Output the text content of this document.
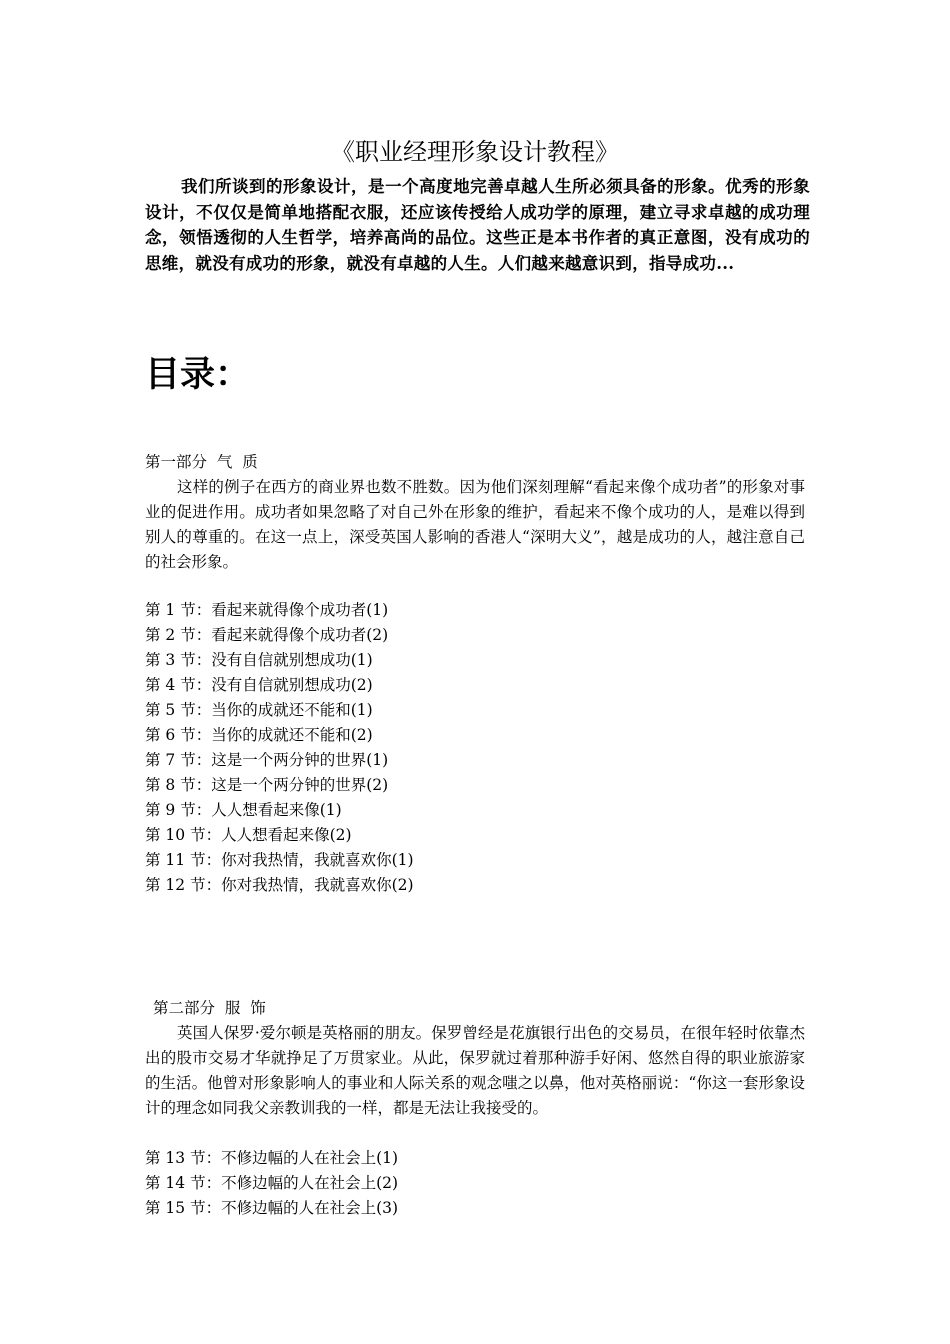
《职业经理形象设计教程》

我们所谈到的形象设计，是一个高度地完善卓越人生所必须具备的形象。优秀的形象设计，不仅仅是简单地搭配衣服，还应该传授给人成功学的原理，建立寻求卓越的成功理念，领悟透彻的人生哲学，培养高尚的品位。这些正是本书作者的真正意图，没有成功的思维，就没有成功的形象，就没有卓越的人生。人们越来越意识到，指导成功...

目录：
第一部分  气  质

这样的例子在西方的商业界也数不胜数。因为他们深刻理解“看起来像个成功者”的形象对事业的促进作用。成功者如果忽略了对自己外在形象的维护，看起来不像个成功的人，是难以得到别人的尊重的。在这一点上，深受英国人影响的香港人“深明大义”，越是成功的人，越注意自己的社会形象。

第 1 节：看起来就得像个成功者(1)
第 2 节：看起来就得像个成功者(2)
第 3 节：没有自信就别想成功(1)
第 4 节：没有自信就别想成功(2)
第 5 节：当你的成就还不能和(1)
第 6 节：当你的成就还不能和(2)
第 7 节：这是一个两分钟的世界(1)
第 8 节：这是一个两分钟的世界(2)
第 9 节：人人想看起来像(1)
第 10 节：人人想看起来像(2)
第 11 节：你对我热情，我就喜欢你(1)
第 12 节：你对我热情，我就喜欢你(2)
第二部分  服  饰

英国人保罗·爱尔顿是英格丽的朋友。保罗曾经是花旗银行出色的交易员，在很年轻时依靠杰出的股市交易才华就挣足了万贯家业。从此，保罗就过着那种游手好闲、悠然自得的职业旅游家的生活。他曾对形象影响人的事业和人际关系的观念嗤之以鼻，他对英格丽说：“你这一套形象设计的理念如同我父亲教训我的一样，都是无法让我接受的。

第 13 节：不修边幅的人在社会上(1)
第 14 节：不修边幅的人在社会上(2)
第 15 节：不修边幅的人在社会上(3)
